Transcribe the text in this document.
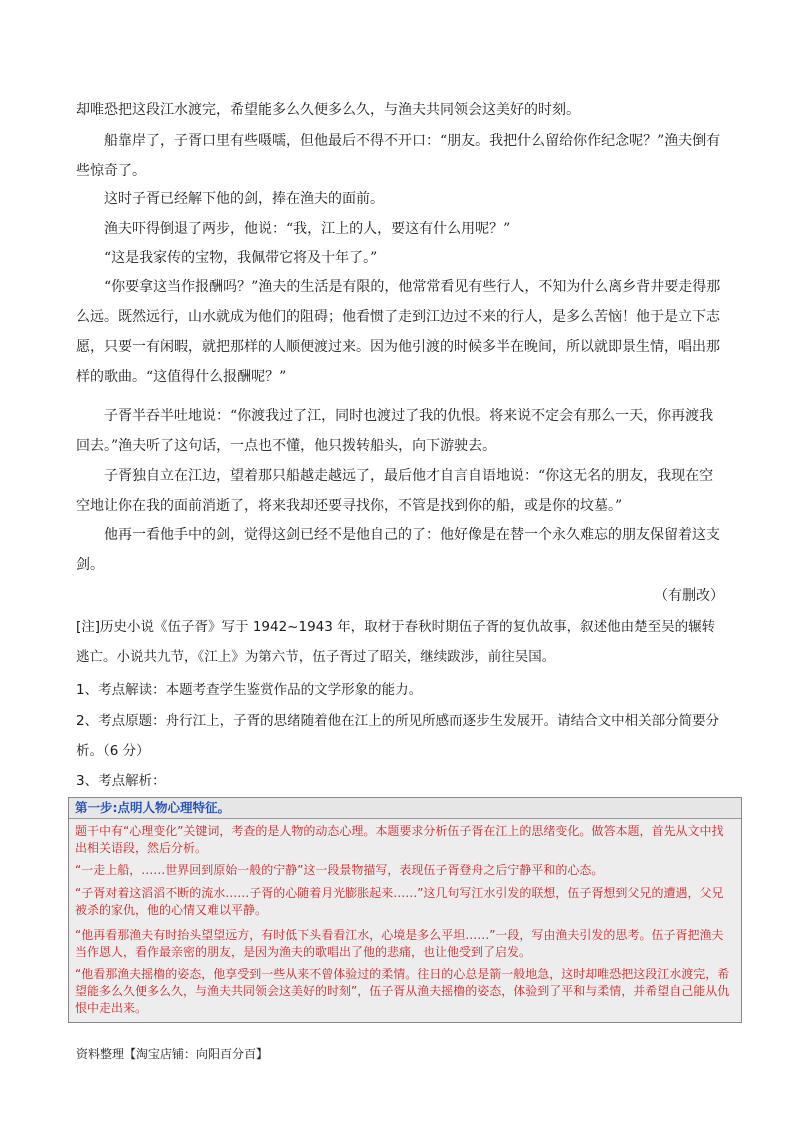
却唯恐把这段江水渡完，希望能多么久便多么久，与渔夫共同领会这美好的时刻。

船靠岸了，子胥口里有些嗫嚅，但他最后不得不开口：“朋友。我把什么留给你作纪念呢？”渔夫倒有些惊奇了。

这时子胥已经解下他的剑，捧在渔夫的面前。

渔夫吓得倒退了两步，他说：“我，江上的人，要这有什么用呢？”

“这是我家传的宝物，我佩带它将及十年了。”

“你要拿这当作报酬吗？”渔夫的生活是有限的，他常常看见有些行人，不知为什么离乡背井要走得那么远。既然远行，山水就成为他们的阻碍；他看惯了走到江边过不来的行人，是多么苦恼！他于是立下志愿，只要一有闲暇，就把那样的人顺便渡过来。因为他引渡的时候多半在晚间，所以就即景生情，唱出那样的歌曲。“这值得什么报酬呢？”

子胥半吞半吐地说：“你渡我过了江，同时也渡过了我的仇恨。将来说不定会有那么一天，你再渡我回去。”渔夫听了这句话，一点也不懂，他只拨转船头，向下游驶去。

子胥独自立在江边，望着那只船越走越远了，最后他才自言自语地说：“你这无名的朋友，我现在空空地让你在我的面前消逝了，将来我却还要寻找你，不管是找到你的船，或是你的坟墓。”

他再一看他手中的剑，觉得这剑已经不是他自己的了：他好像是在替一个永久难忘的朋友保留着这支剑。

（有删改）

[注]历史小说《伍子胥》写于 1942~1943 年，取材于春秋时期伍子胥的复仇故事，叙述他由楚至吴的辗转逃亡。小说共九节，《江上》为第六节，伍子胥过了昭关，继续跋涉，前往吴国。

1、考点解读：本题考查学生鉴赏作品的文学形象的能力。

2、考点原题：舟行江上，子胥的思绪随着他在江上的所见所感而逐步生发展开。请结合文中相关部分简要分析。（6 分）

3、考点解析：

第一步:点明人物心理特征。

题干中有“心理变化”关键词，考查的是人物的动态心理。本题要求分析伍子胥在江上的思绪变化。做答本题，首先从文中找出相关语段，然后分析。

“一走上船，……世界回到原始一般的宁静”这一段景物描写，表现伍子胥登舟之后宁静平和的心态。

“子胥对着这滔滔不断的流水……子胥的心随着月光膨胀起来……”这几句写江水引发的联想，伍子胥想到父兄的遭遇，父兄被杀的家仇，他的心情又难以平静。

“他再看那渔夫有时抬头望望远方，有时低下头看看江水，心境是多么平坦……”一段，写由渔夫引发的思考。伍子胥把渔夫当作恩人，看作最亲密的朋友，是因为渔夫的歌唱出了他的悲痛，也让他受到了启发。

“他看那渔夫摇橹的姿态，他享受到一些从来不曾体验过的柔情。往日的心总是箭一般地急，这时却唯恐把这段江水渡完，希望能多么久便多么久，与渔夫共同领会这美好的时刻”，伍子胥从渔夫摇橹的姿态，体验到了平和与柔情，并希望自己能从仇恨中走出来。

资料整理【淘宝店铺：向阳百分百】
